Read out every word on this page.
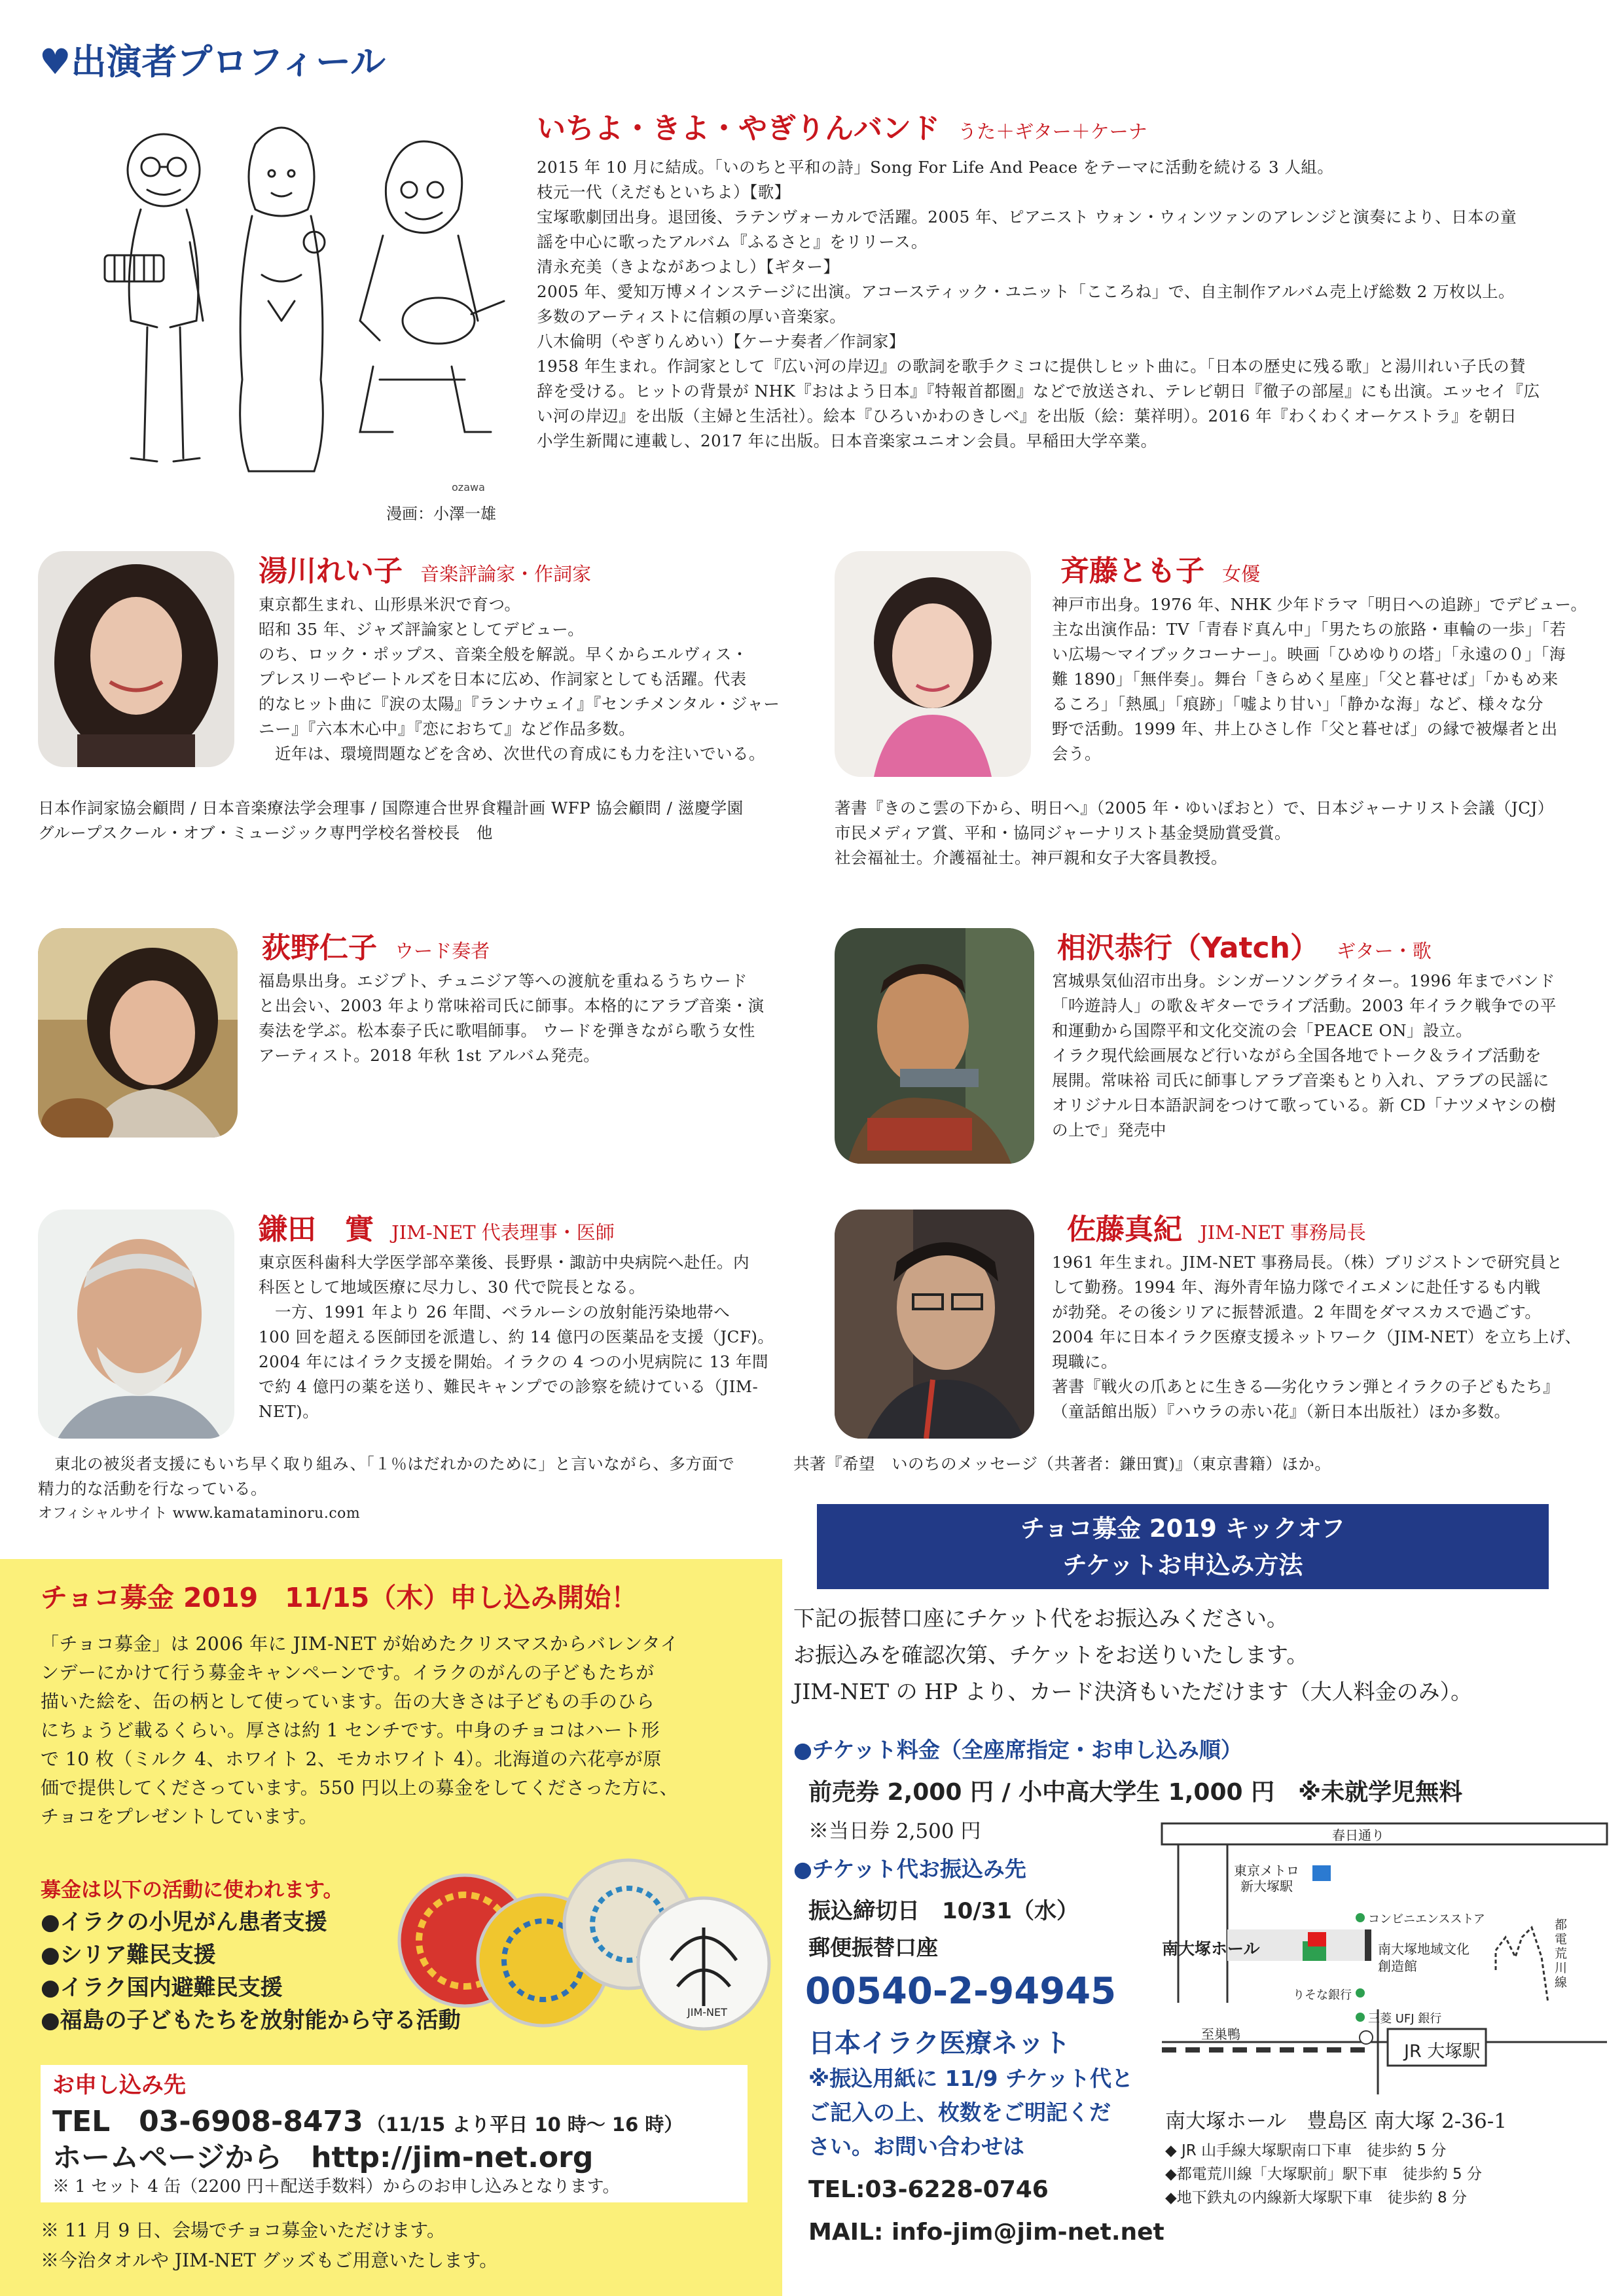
♥出演者プロフィール
ozawa
漫画：小澤一雄
いちよ・きよ・やぎりんバンド うた＋ギター＋ケーナ

2015 年 10 月に結成。「いのちと平和の詩」Song For Life And Peace をテーマに活動を続ける 3 人組。

枝元一代（えだもといちよ）【歌】

宝塚歌劇団出身。退団後、ラテンヴォーカルで活躍。2005 年、ピアニスト ウォン・ウィンツァンのアレンジと演奏により、日本の童

謡を中心に歌ったアルバム『ふるさと』をリリース。

清永充美（きよながあつよし）【ギター】

2005 年、愛知万博メインステージに出演。アコースティック・ユニット「こころね」で、自主制作アルバム売上げ総数 2 万枚以上。

多数のアーティストに信頼の厚い音楽家。

八木倫明（やぎりんめい）【ケーナ奏者／作詞家】

1958 年生まれ。作詞家として『広い河の岸辺』の歌詞を歌手クミコに提供しヒット曲に。「日本の歴史に残る歌」と湯川れい子氏の賛

辞を受ける。ヒットの背景が NHK『おはよう日本』『特報首都圏』などで放送され、テレビ朝日『徹子の部屋』にも出演。エッセイ『広

い河の岸辺』を出版（主婦と生活社）。絵本『ひろいかわのきしべ』を出版（絵：葉祥明）。2016 年『わくわくオーケストラ』を朝日

小学生新聞に連載し、2017 年に出版。日本音楽家ユニオン会員。早稲田大学卒業。

湯川れい子 音楽評論家・作詞家

東京都生まれ、山形県米沢で育つ。

昭和 35 年、ジャズ評論家としてデビュー。

のち、ロック・ポップス、音楽全般を解説。早くからエルヴィス・

プレスリーやビートルズを日本に広め、作詞家としても活躍。代表

的なヒット曲に『涙の太陽』『ランナウェイ』『センチメンタル・ジャー

ニー』『六本木心中』『恋におちて』など作品多数。

　近年は、環境問題などを含め、次世代の育成にも力を注いでいる。

日本作詞家協会顧問 / 日本音楽療法学会理事 / 国際連合世界食糧計画 WFP 協会顧問 / 滋慶学園

グループスクール・オブ・ミュージック専門学校名誉校長　他

斉藤とも子 女優

神戸市出身。1976 年、NHK 少年ドラマ「明日への追跡」でデビュー。

主な出演作品：TV「青春ド真ん中」「男たちの旅路・車輪の一歩」「若

い広場〜マイブックコーナー」。映画「ひめゆりの塔」「永遠の０」「海

難 1890」「無伴奏」。舞台「きらめく星座」「父と暮せば」「かもめ来

るころ」「熱風」「痕跡」「嘘より甘い」「静かな海」など、様々な分

野で活動。1999 年、井上ひさし作「父と暮せば」の縁で被爆者と出

会う。

著書『きのこ雲の下から、明日へ』（2005 年・ゆいぽおと）で、日本ジャーナリスト会議（JCJ）

市民メディア賞、平和・協同ジャーナリスト基金奨励賞受賞。

社会福祉士。介護福祉士。神戸親和女子大客員教授。

荻野仁子 ウード奏者

福島県出身。エジプト、チュニジア等への渡航を重ねるうちウード

と出会い、2003 年より常味裕司氏に師事。本格的にアラブ音楽・演

奏法を学ぶ。松本泰子氏に歌唱師事。 ウードを弾きながら歌う女性

アーティスト。2018 年秋 1st アルバム発売。

相沢恭行（Yatch） ギター・歌

宮城県気仙沼市出身。シンガーソングライター。1996 年までバンド

「吟遊詩人」の歌＆ギターでライブ活動。2003 年イラク戦争での平

和運動から国際平和文化交流の会「PEACE ON」設立。

イラク現代絵画展など行いながら全国各地でトーク＆ライブ活動を

展開。常味裕 司氏に師事しアラブ音楽もとり入れ、アラブの民謡に

オリジナル日本語訳詞をつけて歌っている。新 CD「ナツメヤシの樹

の上で」発売中

鎌田　實 JIM-NET 代表理事・医師

東京医科歯科大学医学部卒業後、長野県・諏訪中央病院へ赴任。内

科医として地域医療に尽力し、30 代で院長となる。

　一方、1991 年より 26 年間、ベラルーシの放射能汚染地帯へ

100 回を超える医師団を派遣し、約 14 億円の医薬品を支援（JCF)。

2004 年にはイラク支援を開始。イラクの 4 つの小児病院に 13 年間

で約 4 億円の薬を送り、難民キャンプでの診察を続けている（JIM-

NET)。

　東北の被災者支援にもいち早く取り組み、「１％はだれかのために」と言いながら、多方面で

精力的な活動を行なっている。

オフィシャルサイト www.kamataminoru.com

佐藤真紀 JIM-NET 事務局長

1961 年生まれ。JIM-NET 事務局長。（株）ブリジストンで研究員と

して勤務。1994 年、海外青年協力隊でイエメンに赴任するも内戦

が勃発。その後シリアに振替派遣。2 年間をダマスカスで過ごす。

2004 年に日本イラク医療支援ネットワーク（JIM-NET）を立ち上げ、

現職に。

著書『戦火の爪あとに生きる―劣化ウラン弾とイラクの子どもたち』

（童話館出版）『ハウラの赤い花』（新日本出版社）ほか多数。

共著『希望　いのちのメッセージ（共著者：鎌田實)』（東京書籍）ほか。

チョコ募金 2019　11/15（木）申し込み開始！

「チョコ募金」は 2006 年に JIM-NET が始めたクリスマスからバレンタイ

ンデーにかけて行う募金キャンペーンです。イラクのがんの子どもたちが

描いた絵を、缶の柄として使っています。缶の大きさは子どもの手のひら

にちょうど載るくらい。厚さは約 1 センチです。中身のチョコはハート形

で 10 枚（ミルク 4、ホワイト 2、モカホワイト 4）。北海道の六花亭が原

価で提供してくださっています。550 円以上の募金をしてくださった方に、

チョコをプレゼントしています。

募金は以下の活動に使われます。
●イラクの小児がん患者支援
●シリア難民支援
●イラク国内避難民支援
●福島の子どもたちを放射能から守る活動	JIM-NET
お申し込み先
TEL　03-6908-8473 （11/15 より平日 10 時〜 16 時）
ホームページから　http://jim-net.org
※ 1 セット 4 缶（2200 円＋配送手数料）からのお申し込みとなります。
※ 11 月 9 日、会場でチョコ募金いただけます。
※今治タオルや JIM-NET グッズもご用意いたします。
チョコ募金 2019 キックオフ
チケットお申込み方法
下記の振替口座にチケット代をお振込みください。
お振込みを確認次第、チケットをお送りいたします。
JIM-NET の HP より、カード決済もいただけます（大人料金のみ）。
●チケット料金（全座席指定・お申し込み順）
前売券 2,000 円 / 小中高大学生 1,000 円　※未就学児無料
※当日券 2,500 円
●チケット代お振込み先
振込締切日　10/31（水）
郵便振替口座
00540-2-94945
日本イラク医療ネット
※振込用紙に 11/9 チケット代と
ご記入の上、枚数をご明記くだ
さい。お問い合わせは
TEL:03-6228-0746
MAIL: info-jim@jim-net.net
春日通り
東京メトロ
新大塚駅
コンビニエンスストア
南大塚ホール	南大塚地域文化
創造館
りそな銀行
三菱 UFJ 銀行
都電荒川線
至巣鴨
JR 大塚駅
南大塚ホール　豊島区 南大塚 2-36-1
◆ JR 山手線大塚駅南口下車　徒歩約 5 分
◆都電荒川線「大塚駅前」駅下車　徒歩約 5 分
◆地下鉄丸の内線新大塚駅下車　徒歩約 8 分
